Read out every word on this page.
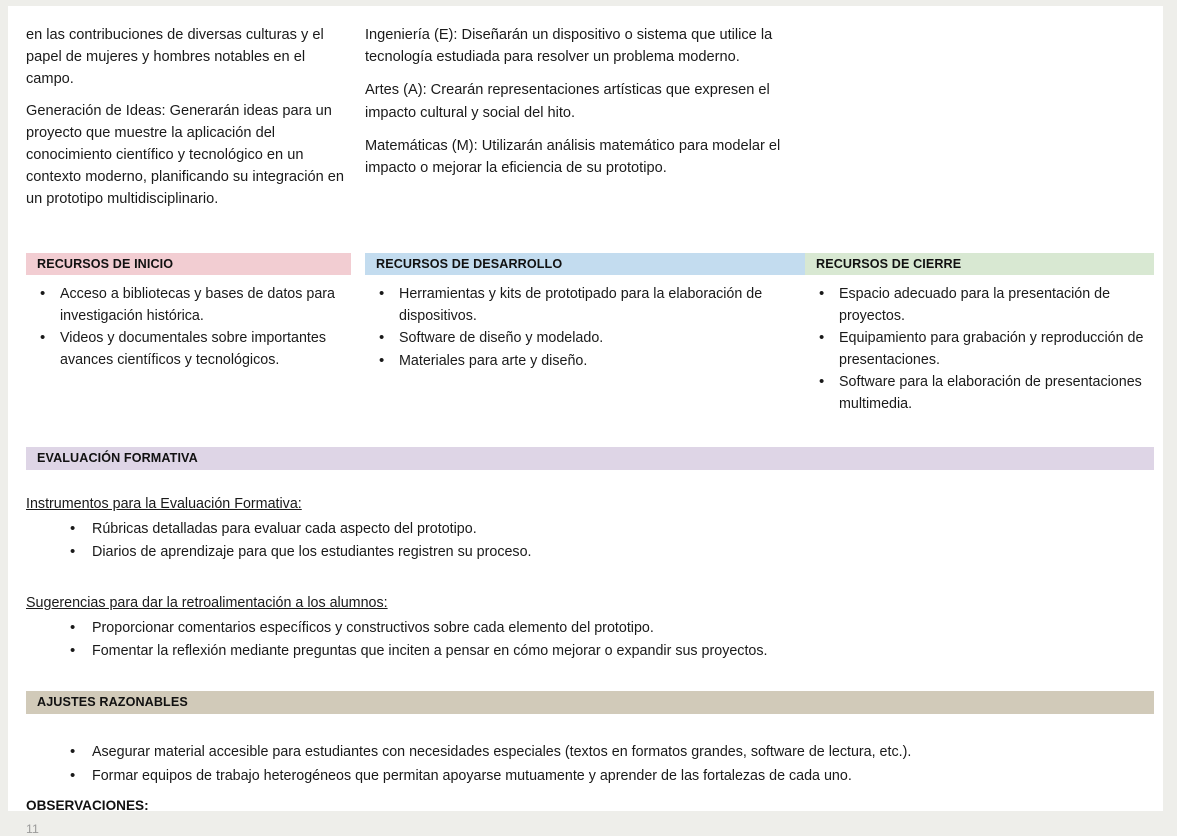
en las contribuciones de diversas culturas y el papel de mujeres y hombres notables en el campo.

Generación de Ideas: Generarán ideas para un proyecto que muestre la aplicación del conocimiento científico y tecnológico en un contexto moderno, planificando su integración en un prototipo multidisciplinario.

Ingeniería (E): Diseñarán un dispositivo o sistema que utilice la tecnología estudiada para resolver un problema moderno.

Artes (A): Crearán representaciones artísticas que expresen el impacto cultural y social del hito.

Matemáticas (M): Utilizarán análisis matemático para modelar el impacto o mejorar la eficiencia de su prototipo.

RECURSOS DE INICIO	RECURSOS DE DESARROLLO	RECURSOS DE CIERRE
• Acceso a bibliotecas y bases de datos para investigación histórica.
• Videos y documentales sobre importantes avances científicos y tecnológicos.
• Herramientas y kits de prototipado para la elaboración de dispositivos.
• Software de diseño y modelado.
• Materiales para arte y diseño.
• Espacio adecuado para la presentación de proyectos.
• Equipamiento para grabación y reproducción de presentaciones.
• Software para la elaboración de presentaciones multimedia.
EVALUACIÓN FORMATIVA
Instrumentos para la Evaluación Formativa:
• Rúbricas detalladas para evaluar cada aspecto del prototipo.
• Diarios de aprendizaje para que los estudiantes registren su proceso.
Sugerencias para dar la retroalimentación a los alumnos:
• Proporcionar comentarios específicos y constructivos sobre cada elemento del prototipo.
• Fomentar la reflexión mediante preguntas que inciten a pensar en cómo mejorar o expandir sus proyectos.
AJUSTES RAZONABLES
• Asegurar material accesible para estudiantes con necesidades especiales (textos en formatos grandes, software de lectura, etc.).
• Formar equipos de trabajo heterogéneos que permitan apoyarse mutuamente y aprender de las fortalezas de cada uno.
OBSERVACIONES:
11
